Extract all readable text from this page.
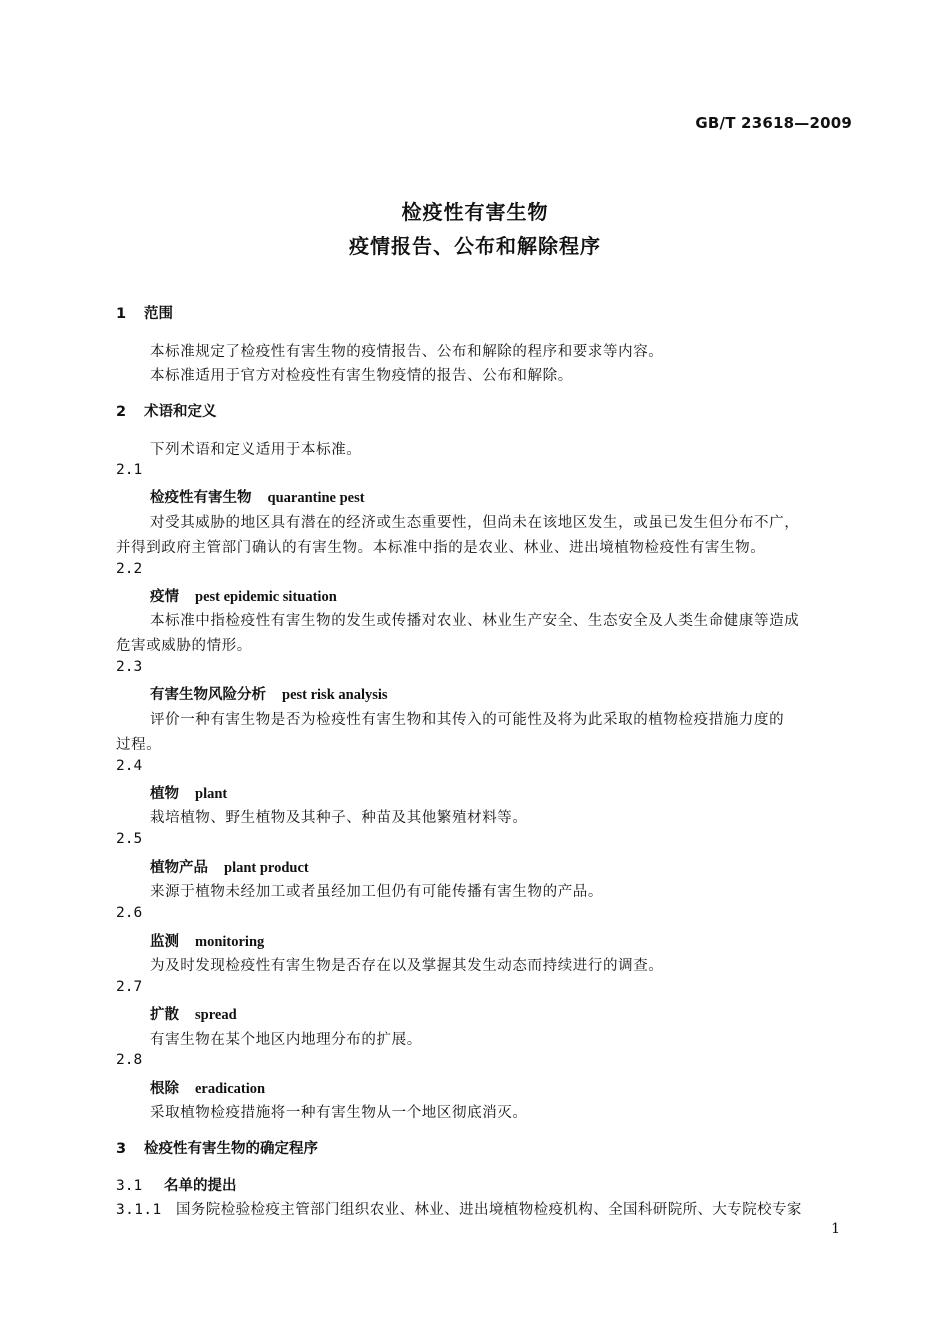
GB/T 23618—2009
检疫性有害生物
疫情报告、公布和解除程序
1 范围
本标准规定了检疫性有害生物的疫情报告、公布和解除的程序和要求等内容。
本标准适用于官方对检疫性有害生物疫情的报告、公布和解除。
2 术语和定义
下列术语和定义适用于本标准。
2.1
检疫性有害生物 quarantine pest
对受其威胁的地区具有潜在的经济或生态重要性，但尚未在该地区发生，或虽已发生但分布不广，
并得到政府主管部门确认的有害生物。本标准中指的是农业、林业、进出境植物检疫性有害生物。
2.2
疫情 pest epidemic situation
本标准中指检疫性有害生物的发生或传播对农业、林业生产安全、生态安全及人类生命健康等造成
危害或威胁的情形。
2.3
有害生物风险分析 pest risk analysis
评价一种有害生物是否为检疫性有害生物和其传入的可能性及将为此采取的植物检疫措施力度的
过程。
2.4
植物 plant
栽培植物、野生植物及其种子、种苗及其他繁殖材料等。
2.5
植物产品 plant product
来源于植物未经加工或者虽经加工但仍有可能传播有害生物的产品。
2.6
监测 monitoring
为及时发现检疫性有害生物是否存在以及掌握其发生动态而持续进行的调查。
2.7
扩散 spread
有害生物在某个地区内地理分布的扩展。
2.8
根除 eradication
采取植物检疫措施将一种有害生物从一个地区彻底消灭。
3 检疫性有害生物的确定程序
3.1 名单的提出
3.1.1 国务院检验检疫主管部门组织农业、林业、进出境植物检疫机构、全国科研院所、大专院校专家
1
